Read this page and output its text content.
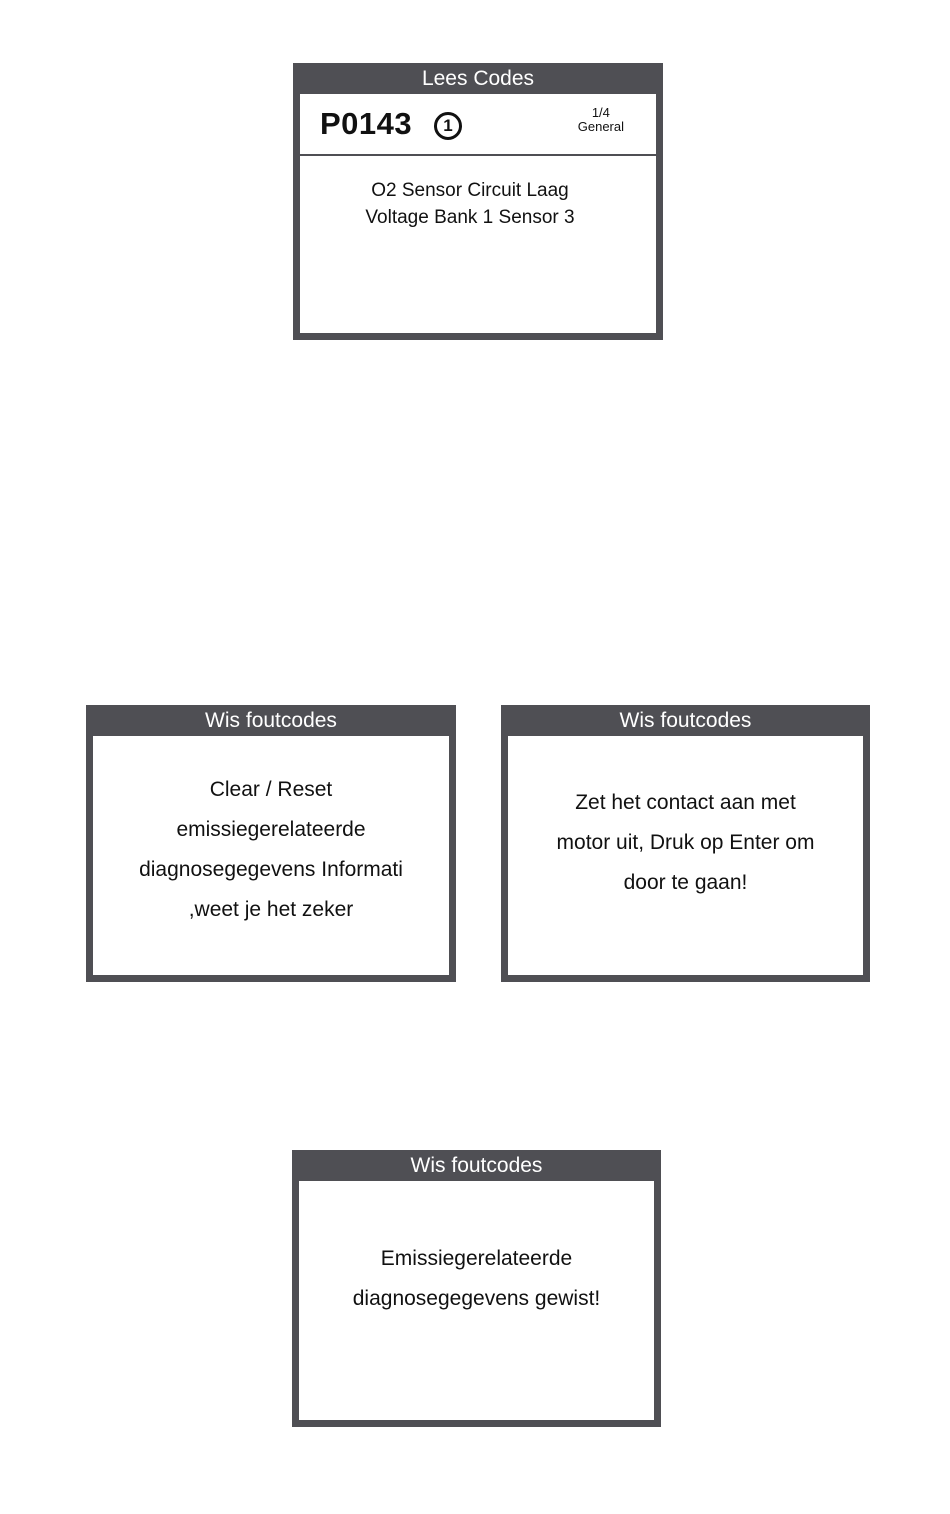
Lees Codes
P0143	1
1/4
General
O2 Sensor Circuit Laag
Voltage Bank 1 Sensor 3
Wis foutcodes
Clear / Reset
emissiegerelateerde
diagnosegegevens Informati
,weet je het zeker
Wis foutcodes
Zet het contact aan met
motor uit, Druk op Enter om
door te gaan!
Wis foutcodes
Emissiegerelateerde
diagnosegegevens gewist!
